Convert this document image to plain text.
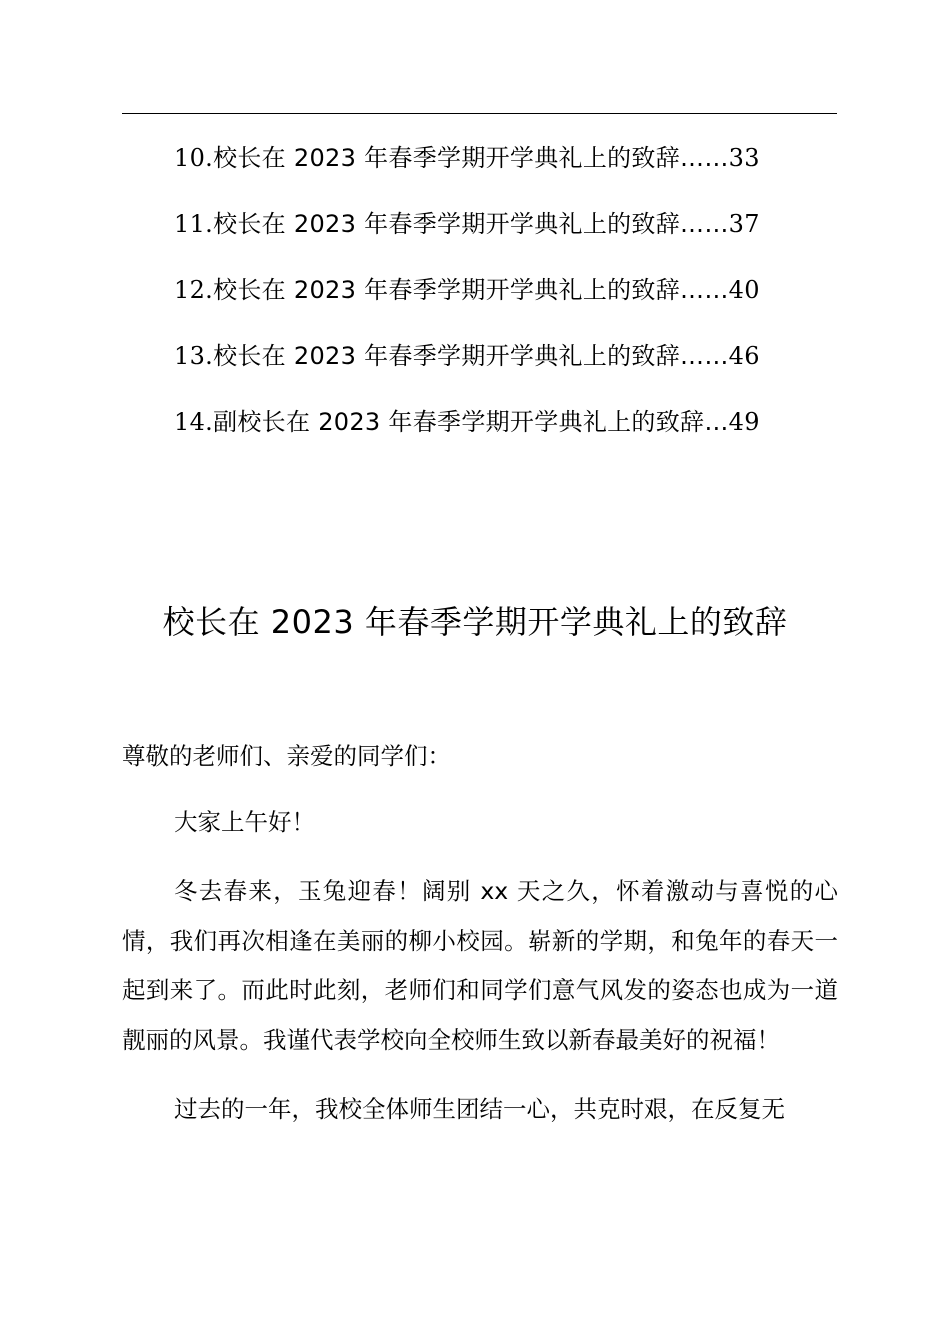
10.校长在 2023 年春季学期开学典礼上的致辞……33
11.校长在 2023 年春季学期开学典礼上的致辞……37
12.校长在 2023 年春季学期开学典礼上的致辞……40
13.校长在 2023 年春季学期开学典礼上的致辞……46
14.副校长在 2023 年春季学期开学典礼上的致辞…49
校长在 2023 年春季学期开学典礼上的致辞

尊敬的老师们、亲爱的同学们：

大家上午好！

冬去春来，玉兔迎春！阔别 xx 天之久，怀着激动与喜悦的心情，我们再次相逢在美丽的柳小校园。崭新的学期，和兔年的春天一起到来了。而此时此刻，老师们和同学们意气风发的姿态也成为一道靓丽的风景。我谨代表学校向全校师生致以新春最美好的祝福！

过去的一年，我校全体师生团结一心，共克时艰，在反复无
